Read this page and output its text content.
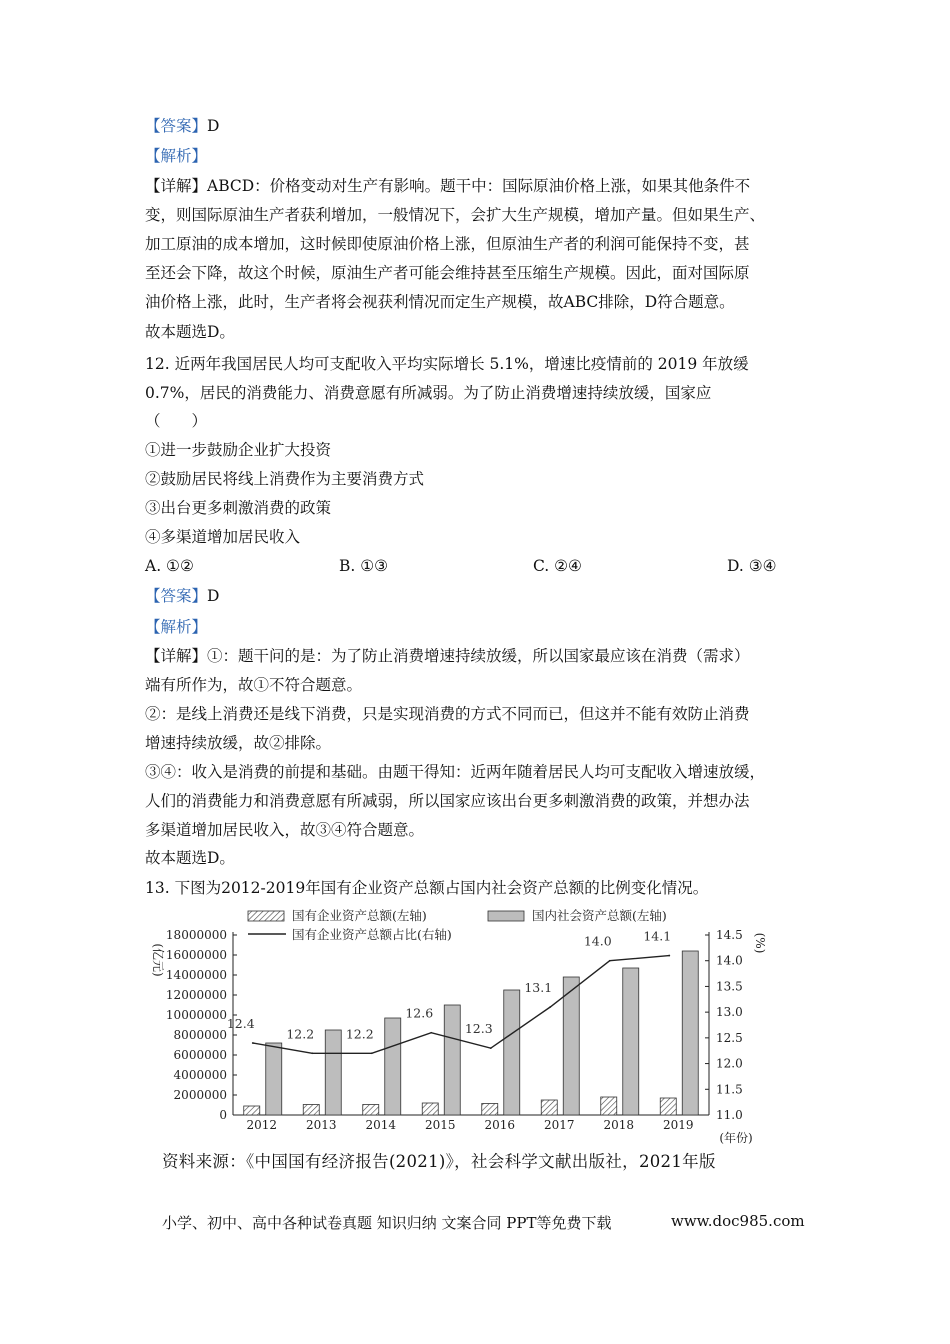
【答案】D
【解析】
【详解】ABCD：价格变动对生产有影响。题干中：国际原油价格上涨，如果其他条件不
变，则国际原油生产者获利增加，一般情况下，会扩大生产规模，增加产量。但如果生产、
加工原油的成本增加，这时候即使原油价格上涨，但原油生产者的利润可能保持不变，甚
至还会下降，故这个时候，原油生产者可能会维持甚至压缩生产规模。因此，面对国际原
油价格上涨，此时，生产者将会视获利情况而定生产规模，故ABC排除，D符合题意。
故本题选D。
12. 近两年我国居民人均可支配收入平均实际增长 5.1%，增速比疫情前的 2019 年放缓
0.7%，居民的消费能力、消费意愿有所减弱。为了防止消费增速持续放缓，国家应
（　　）
①进一步鼓励企业扩大投资
②鼓励居民将线上消费作为主要消费方式
③出台更多刺激消费的政策
④多渠道增加居民收入
A. ①②	B. ①③	C. ②④	D. ③④
【答案】D
【解析】
【详解】①：题干问的是：为了防止消费增速持续放缓，所以国家最应该在消费（需求）
端有所作为，故①不符合题意。
②：是线上消费还是线下消费，只是实现消费的方式不同而已，但这并不能有效防止消费
增速持续放缓，故②排除。
③④：收入是消费的前提和基础。由题干得知：近两年随着居民人均可支配收入增速放缓，
人们的消费能力和消费意愿有所减弱，所以国家应该出台更多刺激消费的政策，并想办法
多渠道增加居民收入，故③④符合题意。
故本题选D。
13. 下图为2012-2019年国有企业资产总额占国内社会资产总额的比例变化情况。
国有企业资产总额(左轴)	国内社会资产总额(左轴)
国有企业资产总额占比(右轴)
0
2000000
4000000
6000000
8000000
10000000
12000000
14000000
16000000
18000000
11.0
11.5
12.0
12.5
13.0
13.5
14.0
14.5
(亿元)
(%)
(年份)
2012 2013 2014 2015 2016 2017 2018 2019
12.4
12.2	12.2
12.6
12.3
13.1
14.0	14.1
资料来源：《中国国有经济报告(2021)》，社会科学文献出版社，2021年版
小学、初中、高中各种试卷真题 知识归纳 文案合同 PPT等免费下载	www.doc985.com
